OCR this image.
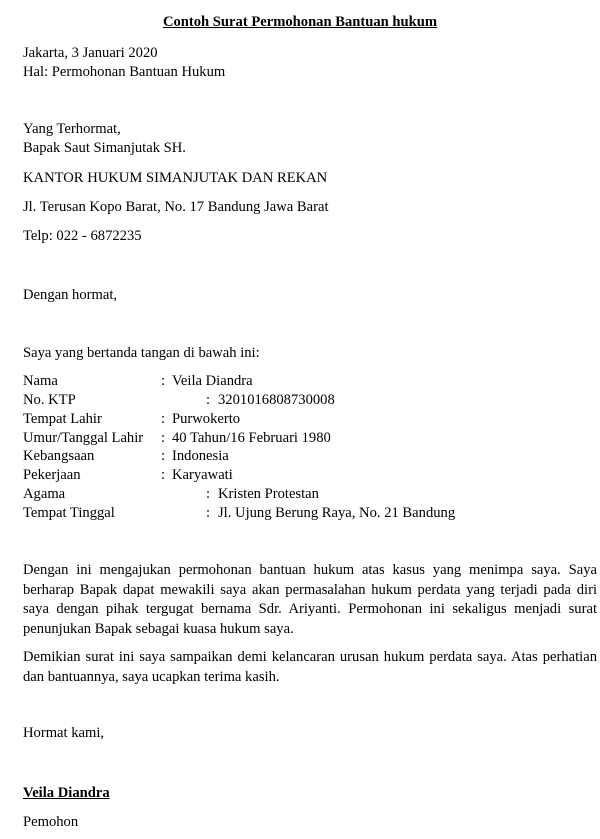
Contoh Surat Permohonan Bantuan hukum
Jakarta, 3 Januari 2020
Hal: Permohonan Bantuan Hukum
Yang Terhormat,
Bapak Saut Simanjutak SH.
KANTOR HUKUM SIMANJUTAK DAN REKAN
Jl. Terusan Kopo Barat, No. 17 Bandung Jawa Barat
Telp: 022 - 6872235
Dengan hormat,
Saya yang bertanda tangan di bawah ini:
Nama	: Veila Diandra
No. KTP	: 3201016808730008
Tempat Lahir	: Purwokerto
Umur/Tanggal Lahir : 40 Tahun/16 Februari 1980
Kebangsaan	: Indonesia
Pekerjaan	: Karyawati
Agama	: Kristen Protestan
Tempat Tinggal	: Jl. Ujung Berung Raya, No. 21 Bandung
Dengan ini mengajukan permohonan bantuan hukum atas kasus yang menimpa saya. Saya berharap Bapak dapat mewakili saya akan permasalahan hukum perdata yang terjadi pada diri saya dengan pihak tergugat bernama Sdr. Ariyanti. Permohonan ini sekaligus menjadi surat penunjukan Bapak sebagai kuasa hukum saya.
Demikian surat ini saya sampaikan demi kelancaran urusan hukum perdata saya. Atas perhatian dan bantuannya, saya ucapkan terima kasih.
Hormat kami,
Veila Diandra
Pemohon
